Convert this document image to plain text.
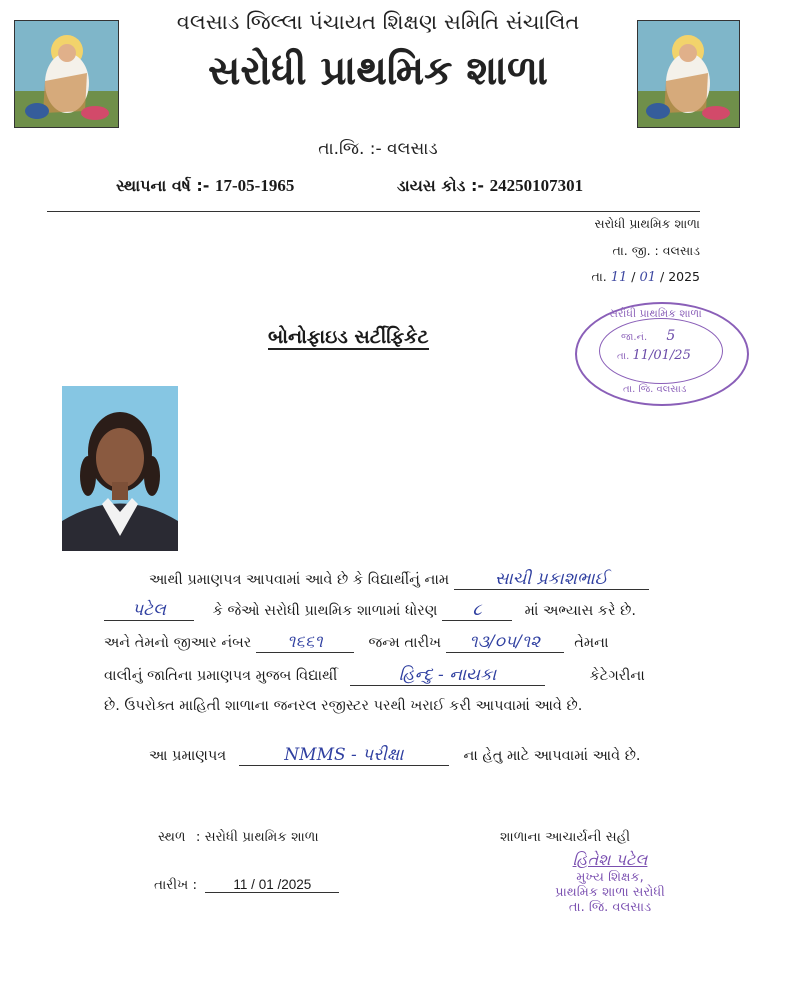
વલસાડ જિલ્લા પંચાયત શિક્ષણ સમિતિ સંચાલિત
સરોધી પ્રાથમિક શાળા
તા.જિ. :- વલસાડ
સ્થાપના વર્ષ :- 17-05-1965	ડાયસ કોડ :- 24250107301
સરોધી પ્રાથમિક શાળા
તા. જી. : વલસાડ
તા. 11 / 01 / 2025
સરોધી પ્રાથમિક શાળા
જા.નં. 5
તા. 11/01/25
તા. જિ. વલસાડ
બોનોફાઇડ સર્ટીફિકેટ
આથી પ્રમાણપત્ર આપવામાં આવે છે કે વિદ્યાર્થીનું નામ	સાચી પ્રકાશભાઈ
પટેલ	કે જેઓ સરોધી પ્રાથમિક શાળામાં ધોરણ ૮	માં અભ્યાસ કરે છે.
અને તેમનો જીઆર નંબર ૧૬૬૧	જન્મ તારીખ ૧૩/૦૫/૧૨ તેમના
વાલીનું જાતિના પ્રમાણપત્ર મુજબ વિદ્યાર્થી	હિન્દુ - નાયકા	કેટેગરીના
છે. ઉપરોક્ત માહિતી શાળાના જનરલ રજીસ્ટર પરથી ખરાઈ કરી આપવામાં આવે છે.
આ પ્રમાણપત્ર	NMMS - પરીક્ષા	ના હેતુ માટે આપવામાં આવે છે.
સ્થળ : સરોધી પ્રાથમિક શાળા
તારીખ :	11 / 01 /2025
શાળાના આચાર્યની સહી
હિતેશ પટેલ
મુખ્ય શિક્ષક,
પ્રાથમિક શાળા સરોધી
તા. જિ. વલસાડ
